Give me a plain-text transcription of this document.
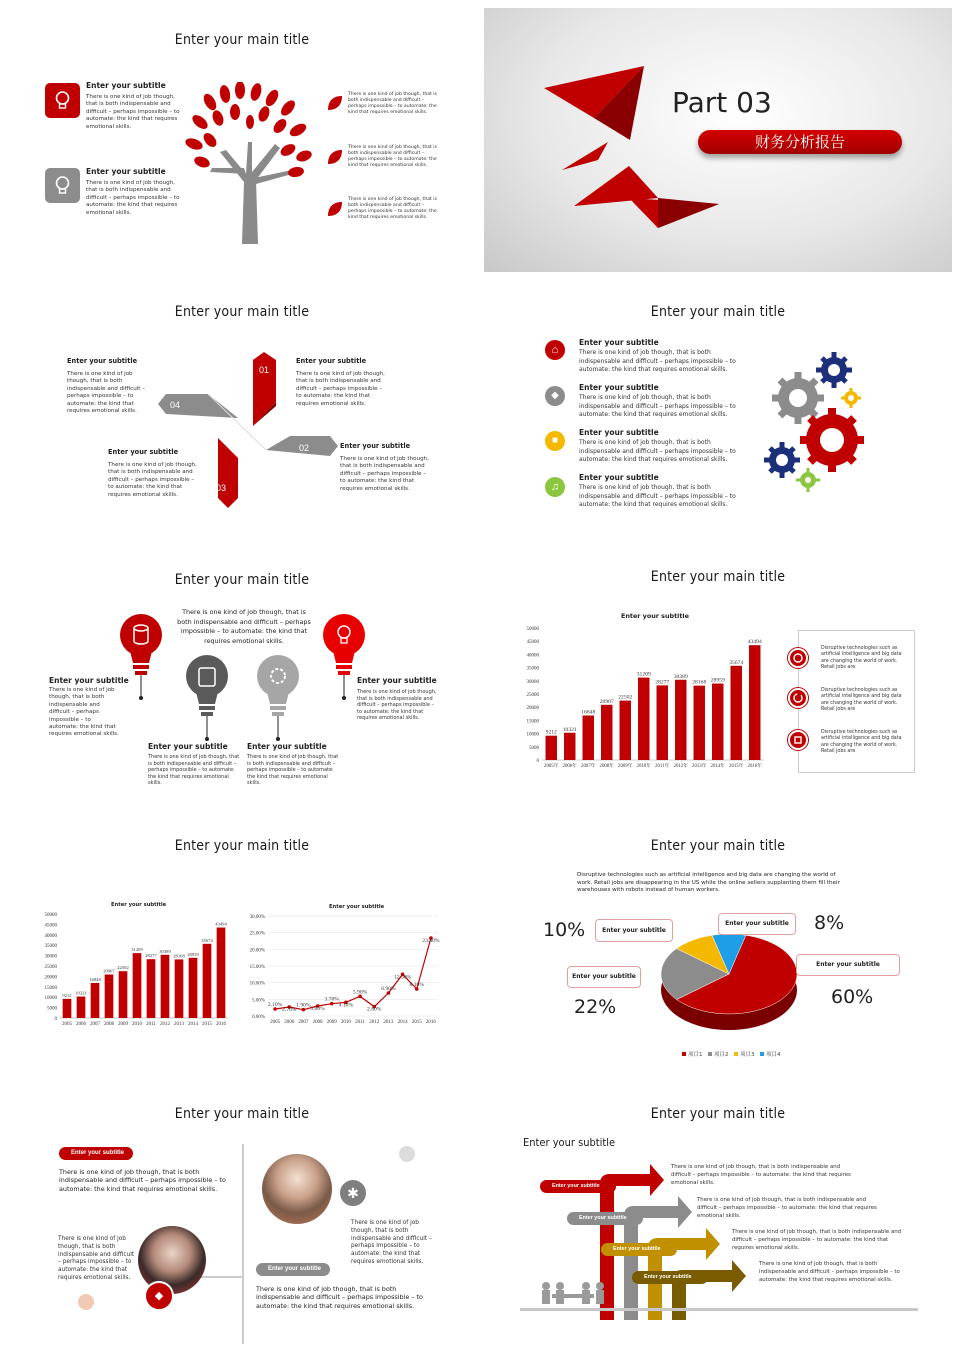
Enter your main title
Enter your subtitle
There is one kind of job though, that is both indispensable and difficult – perhaps impossible – to automate: the kind that requires emotional skills.
Enter your subtitle
There is one kind of job though, that is both indispensable and difficult – perhaps impossible – to automate: the kind that requires emotional skills.
There is one kind of job though, that is both indispensable and difficult – perhaps impossible – to automate: the kind that requires emotional skills.
There is one kind of job though, that is both indispensable and difficult – perhaps impossible – to automate: the kind that requires emotional skills.
There is one kind of job though, that is both indispensable and difficult – perhaps impossible – to automate: the kind that requires emotional skills.
Part 03
财务分析报告
Enter your main title
Enter your subtitle
There is one kind of job though, that is both indispensable and difficult – perhaps impossible – to automate: the kind that requires emotional skills.
Enter your subtitle
There is one kind of job though, that is both indispensable and difficult – perhaps impossible – to automate: the kind that requires emotional skills.
Enter your subtitle
There is one kind of job though, that is both indispensable and difficult – perhaps impossible – to automate: the kind that requires emotional skills.
Enter your subtitle
There is one kind of job though, that is both indispensable and difficult – perhaps impossible – to automate: the kind that requires emotional skills.
01
02
03
04
Enter your main title
⌂
Enter your subtitle
There is one kind of job though, that is both indispensable and difficult – perhaps impossible – to automate: the kind that requires emotional skills.
◆
Enter your subtitle
There is one kind of job though, that is both indispensable and difficult – perhaps impossible – to automate: the kind that requires emotional skills.
■
Enter your subtitle
There is one kind of job though, that is both indispensable and difficult – perhaps impossible – to automate: the kind that requires emotional skills.
♫
Enter your subtitle
There is one kind of job though, that is both indispensable and difficult – perhaps impossible – to automate: the kind that requires emotional skills.
Enter your main title
There is one kind of job though, that is both indispensable and difficult – perhaps impossible – to automate: the kind that requires emotional skills.
Enter your subtitle
There is one kind of job though, that is both indispensable and difficult – perhaps impossible – to automate: the kind that requires emotional skills.
Enter your subtitle
There is one kind of job though, that is both indispensable and difficult – perhaps impossible – to automate: the kind that requires emotional skills.
Enter your subtitle
There is one kind of job though, that is both indispensable and difficult – perhaps impossible – to automate: the kind that requires emotional skills.
Enter your subtitle
There is one kind of job though, that is both indispensable and difficult – perhaps impossible – to automate: the kind that requires emotional skills.
Enter your main title
Enter your subtitle
0
5000
10000
15000
20000
25000
30000
35000
40000
45000
50000
9212
2005年
10321
2006年
16848
2007年
20907
2008年
22502
2009年
31209
2010年
28277
2011年
30389
2012年
28168
2013年
28959
2014年
35674
2015年
43494
2016年
Disruptive technologies such as artificial intelligence and big data are changing the world of work. Retail jobs are
Disruptive technologies such as artificial intelligence and big data are changing the world of work. Retail jobs are
Disruptive technologies such as artificial intelligence and big data are changing the world of work. Retail jobs are
Enter your main title
Enter your subtitle
0
5000
10000
15000
20000
25000
30000
35000
40000
45000
50000
9212
2005
10321
2006
16848
2007
20907
2008
22502
2009
31209
2010
28277
2011
30389
2012
28168
2013
28959
2014
35674
2015
43494
2016
Enter your subtitle
0.00%
5.00%
10.00%
15.00%
20.00%
25.00%
30.00%
2.10%
2005
2.70%
2006
1.90%
2007
3.00%
2008
3.70%
2009
4.10%
2010
5.90%
2011
2.80%
2012
6.90%
2013
12.50%
2014
8.10%
2015
23.40%
2016
Enter your main title
Disruptive technologies such as artificial intelligence and big data are changing the world of work. Retail jobs are disappearing in the US while the online sellers supplanting them fill their warehouses with robots instead of human workers.
项目1 项目2 项目3 项目4
10%	8%
22%	60%
Enter your subtitle
Enter your subtitle
Enter your subtitle
Enter your subtitle
Enter your main title
Enter your subtitle
There is one kind of job though, that is both indispensable and difficult – perhaps impossible – to automate: the kind that requires emotional skills.
There is one kind of job though, that is both indispensable and difficult – perhaps impossible – to automate: the kind that requires emotional skills.
◆
✱
There is one kind of job though, that is both indispensable and difficult – perhaps impossible – to automate: the kind that requires emotional skills.
Enter your subtitle
There is one kind of job though, that is both indispensable and difficult – perhaps impossible – to automate: the kind that requires emotional skills.
Enter your main title
Enter your subtitle
Enter your subtitle
Enter your subtitle
Enter your subtitle
Enter your subtitle
There is one kind of job though, that is both indispensable and difficult – perhaps impossible – to automate: the kind that requires emotional skills.
There is one kind of job though, that is both indispensable and difficult – perhaps impossible – to automate: the kind that requires emotional skills.
There is one kind of job though, that is both indispensable and difficult – perhaps impossible – to automate: the kind that requires emotional skills.
There is one kind of job though, that is both indispensable and difficult – perhaps impossible – to automate: the kind that requires emotional skills.
